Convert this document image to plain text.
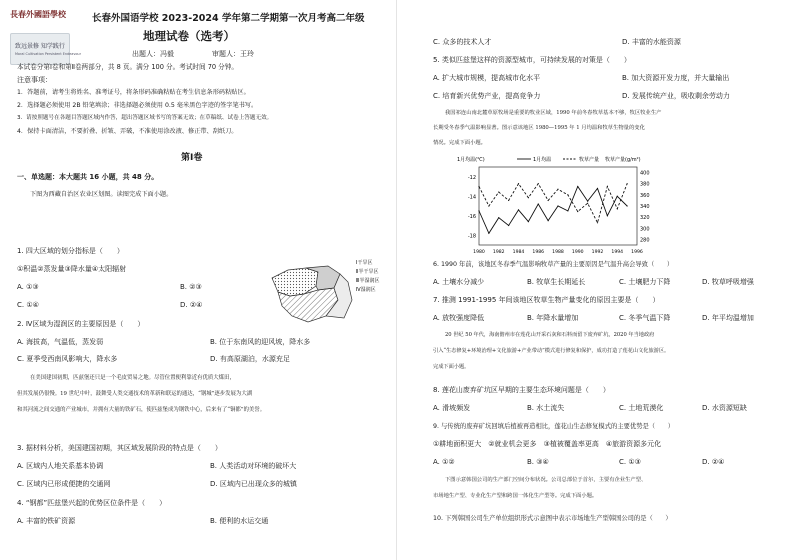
長春外國語學校
致远景修 知学践行
Moral Cultivation Persistent Endeavour
长春外国语学校 2023-2024 学年第二学期第一次月考高二年级
地理试卷（选考）
出题人：冯毅	审题人：王玲
本试卷分第Ⅰ卷和第Ⅱ卷两部分，共 8 页。满分 100 分。考试时间 70 分钟。
注意事项：
1．答题前，请考生将姓名、准考证号，将条形码准确粘贴在考生信息条形码粘贴区。
2．选择题必须使用 2B 铅笔填涂；非选择题必须使用 0.5 毫米黑色字迹的签字笔书写。
3．请按照题号在各题目答题区域内作答，超出答题区域书写的答案无效；在草稿纸、试卷上答题无效。
4．保持卡面清洁，不要折叠、折皱、弄破，不准使用涂改液、修正带、刮纸刀。
第Ⅰ卷
一、单选题：本大题共 16 小题，共 48 分。
下图为西藏自治区农业区划图。读图完成下面小题。
1. 四大区域的划分指标是（　　）
①积温②蒸发量③降水量④太阳辐射
A. ①③	B. ②③
C. ①④	D. ②④
2. Ⅳ区域为湿润区的主要原因是（　　）
A. 海拔高，气温低，蒸发弱	B. 位于东南风的迎风坡，降水多
C. 夏季受西南风影响大，降水多	D. 有高原湖泊，水源充足
在美国建国初期，匹兹堡还只是一个毛皮贸易之地。尽管位置便利靠近有优质大煤田，
但其发展仍很慢。19 世纪中叶，鼓舞受人类交通技术的革新和联运的通达，“钢城”逐步发展为大湖
和其河流之间交通的产业城市，并拥有大量的铁矿石，使匹兹堡成为钢铁中心，后来有了“铜都”的美誉。
3. 据材料分析，美国建国初期，其区域发展阶段的特点是（　　）
A. 区域内人地关系基本协调	B. 人类活动对环境的破坏大
C. 区域内已形成便捷的交通网	D. 区域内已出现众多的城镇
4. “钢都”匹兹堡兴起的优势区位条件是（　　）
A. 丰富的铁矿资源	B. 便利的水运交通
Ⅰ干旱区
Ⅱ半干旱区
Ⅲ半湿润区
Ⅳ湿润区
C. 众多的技术人才	D. 丰富的水能资源
5. 类似匹兹堡这样的资源型城市，可持续发展的对策是（　　）
A. 扩大城市规模，提高城市化水平	B. 加大资源开发力度，并大量输出
C. 培育新兴优势产业，提高竞争力	D. 发展传统产业，吸收剩余劳动力
我国祁连山南北麓草原牧场是重要的牧业区域，1990 年前冬春牧草基本不够，牧区牧业生产
长期受冬春季气温影响显著。图示意该地区 1980—1995 年 1 月均温和牧草生物量的变化
情况。完成下面小题。
6. 1990 年前，该地区冬春季气温影响牧草产量的主要原因是气温升高会导致（　　）
A. 土壤水分减少	B. 牧草生长期延长	C. 土壤肥力下降	D. 牧草呼吸增强
7. 推测 1991-1995 年间该地区牧草生物产量变化的原因主要是（　　）
A. 放牧强度降低	B. 年降水量增加	C. 冬季气温下降	D. 年平均温增加
20 世纪 50 年代，海南儋州市在莲花山开采石灰和石料而留下废弃矿坑，2020 年当地政府
引入“生态修复+环境治理+文化旅游+产业带动”模式进行修复和保护，成功打造了莲花山文化旅游区。
完成下面小题。
8. 莲花山废弃矿坑区早期的主要生态环境问题是（　　）
A. 滑坡频发	B. 水土流失	C. 土地荒漠化	D. 水资源短缺
9. 与传统的废弃矿坑回填后植被再造相比，莲花山生态修复模式的主要优势是（　　）
①耕地面积更大　②就业机会更多　③植被覆盖率更高　④旅游资源多元化
A. ①②	B. ③④	C. ①③	D. ②④
下图示意韩国公司的生产部门空间分布状况。公司总部位于首尔，主要有企业生产型、
市场地生产型、专业化生产型和跨国一体化生产型等。完成下面小题。
10. 下列韩国公司生产单位组织形式示意图中表示市场地生产型韩国公司的是（　　）
1月均温(℃)	牧草产量(g/m²)
1月均温	牧草产量
-12
-14
-16
-18
400
380
360
340
320
300
280
1980 1982 1984 1986 1988 1990 1992 1994 1996
